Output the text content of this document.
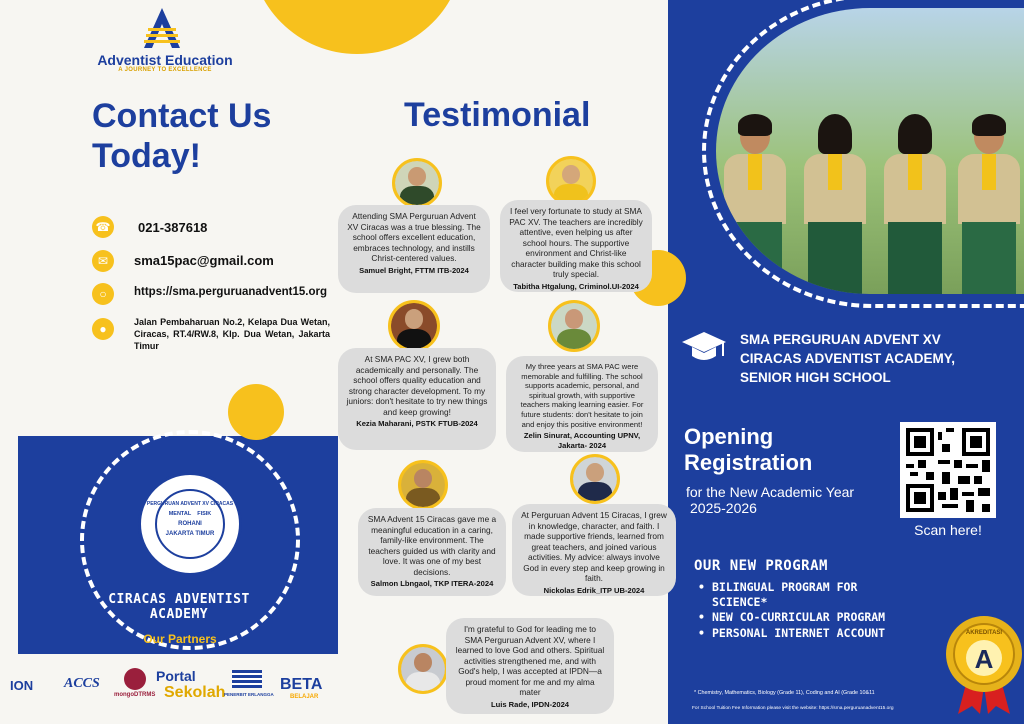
Adventist Education
A JOURNEY TO EXCELLENCE
Contact Us Today!
Testimonial
☎ 021-387618
✉	sma15pac@gmail.com
○	https://sma.perguruanadvent15.org
●	Jalan Pembaharuan No.2, Kelapa Dua Wetan, Ciracas, RT.4/RW.8, Klp. Dua Wetan, Jakarta Timur
Attending SMA Perguruan Advent XV Ciracas was a true blessing. The school offers excellent education, embraces technology, and instills Christ-centered values.
Samuel Bright, FTTM ITB-2024
I feel very fortunate to study at SMA PAC XV. The teachers are incredibly attentive, even helping us after school hours. The supportive environment and Christ-like character building make this school truly special.
Tabitha Htgalung, Criminol.UI-2024
At SMA PAC XV, I grew both academically and personally. The school offers quality education and strong character development. To my juniors: don't hesitate to try new things and keep growing!
Kezia Maharani, PSTK FTUB-2024
My three years at SMA PAC were memorable and fulfilling. The school supports academic, personal, and spiritual growth, with supportive teachers making learning easier. For future students: don't hesitate to join and enjoy this positive environment!
Zelin Sinurat, Accounting UPNV, Jakarta- 2024
SMA Advent 15 Ciracas gave me a meaningful education in a caring, family-like environment. The teachers guided us with clarity and love. It was one of my best decisions.
Salmon Lbngaol, TKP ITERA-2024
At Perguruan Advent 15 Ciracas, I grew in knowledge, character, and faith. I made supportive friends, learned from great teachers, and joined various activities. My advice: always involve God in every step and keep growing in faith.
Nickolas Edrik_ITP UB-2024
I'm grateful to God for leading me to SMA Perguruan Advent XV, where I learned to love God and others. Spiritual activities strengthened me, and with God's help, I was accepted at IPDN—a proud moment for me and my alma mater
Luis Rade, IPDN-2024
PERGURUAN ADVENT XV CIRACAS
MENTAL FISIK
ROHANI
JAKARTA TIMUR
CIRACAS ADVENTIST
ACADEMY
Our Partners
ION ACCS
mongoDTRMS
Portal
Sekolah
PENERBIT ERLANGGA
BETA
BELAJAR
SMA PERGURUAN ADVENT XV
CIRACAS ADVENTIST ACADEMY,
SENIOR HIGH SCHOOL
Opening
Registration
for the New Academic Year
2025-2026
Scan here!
OUR NEW PROGRAM
• BILINGUAL PROGRAM FOR SCIENCE*
• NEW CO-CURRICULAR PROGRAM
• PERSONAL INTERNET ACCOUNT
* Chemistry, Mathematics, Biology (Grade 11), Coding and AI (Grade 10&11
For School Tuition Fee Information please visit the website: https://sma.perguruanadvent15.org
AKREDITASI
A
